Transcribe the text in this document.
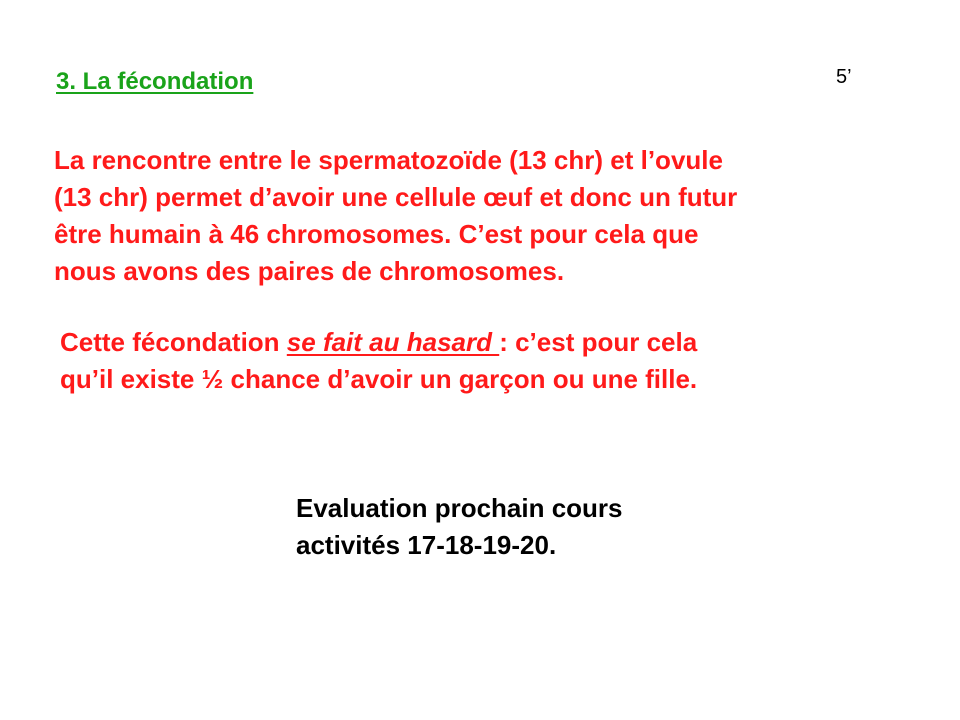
3. La fécondation	5’
La rencontre entre le spermatozoïde (13 chr) et l’ovule
(13 chr) permet d’avoir une cellule œuf et donc un futur
être humain à 46 chromosomes. C’est pour cela que
nous avons des paires de chromosomes.
Cette fécondation se fait au hasard : c’est pour cela
qu’il existe ½ chance d’avoir un garçon ou une fille.
Evaluation prochain cours
activités 17-18-19-20.
